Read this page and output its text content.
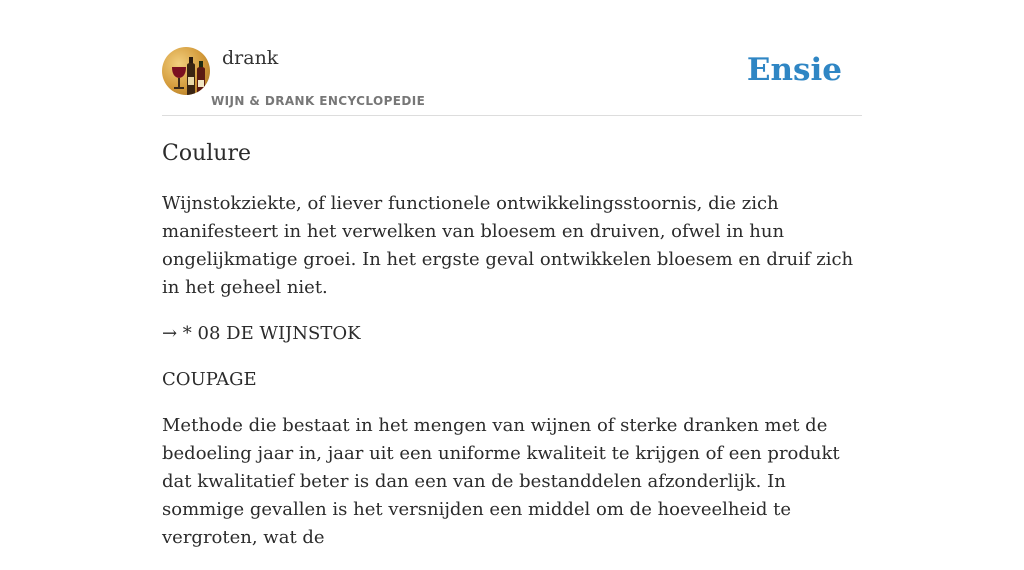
drank
WIJN & DRANK ENCYCLOPEDIE
Ensie
Coulure

Wijnstokziekte, of liever functionele ontwikkelingsstoornis, die zich manifesteert in het verwelken van bloesem en druiven, ofwel in hun ongelijkmatige groei. In het ergste geval ontwikkelen bloesem en druif zich in het geheel niet.

→ * 08 DE WIJNSTOK

COUPAGE

Methode die bestaat in het mengen van wijnen of sterke dranken met de bedoeling jaar in, jaar uit een uniforme kwaliteit te krijgen of een produkt dat kwalitatief beter is dan een van de bestanddelen afzonderlijk. In sommige gevallen is het versnijden een middel om de hoeveelheid te vergroten, wat de
